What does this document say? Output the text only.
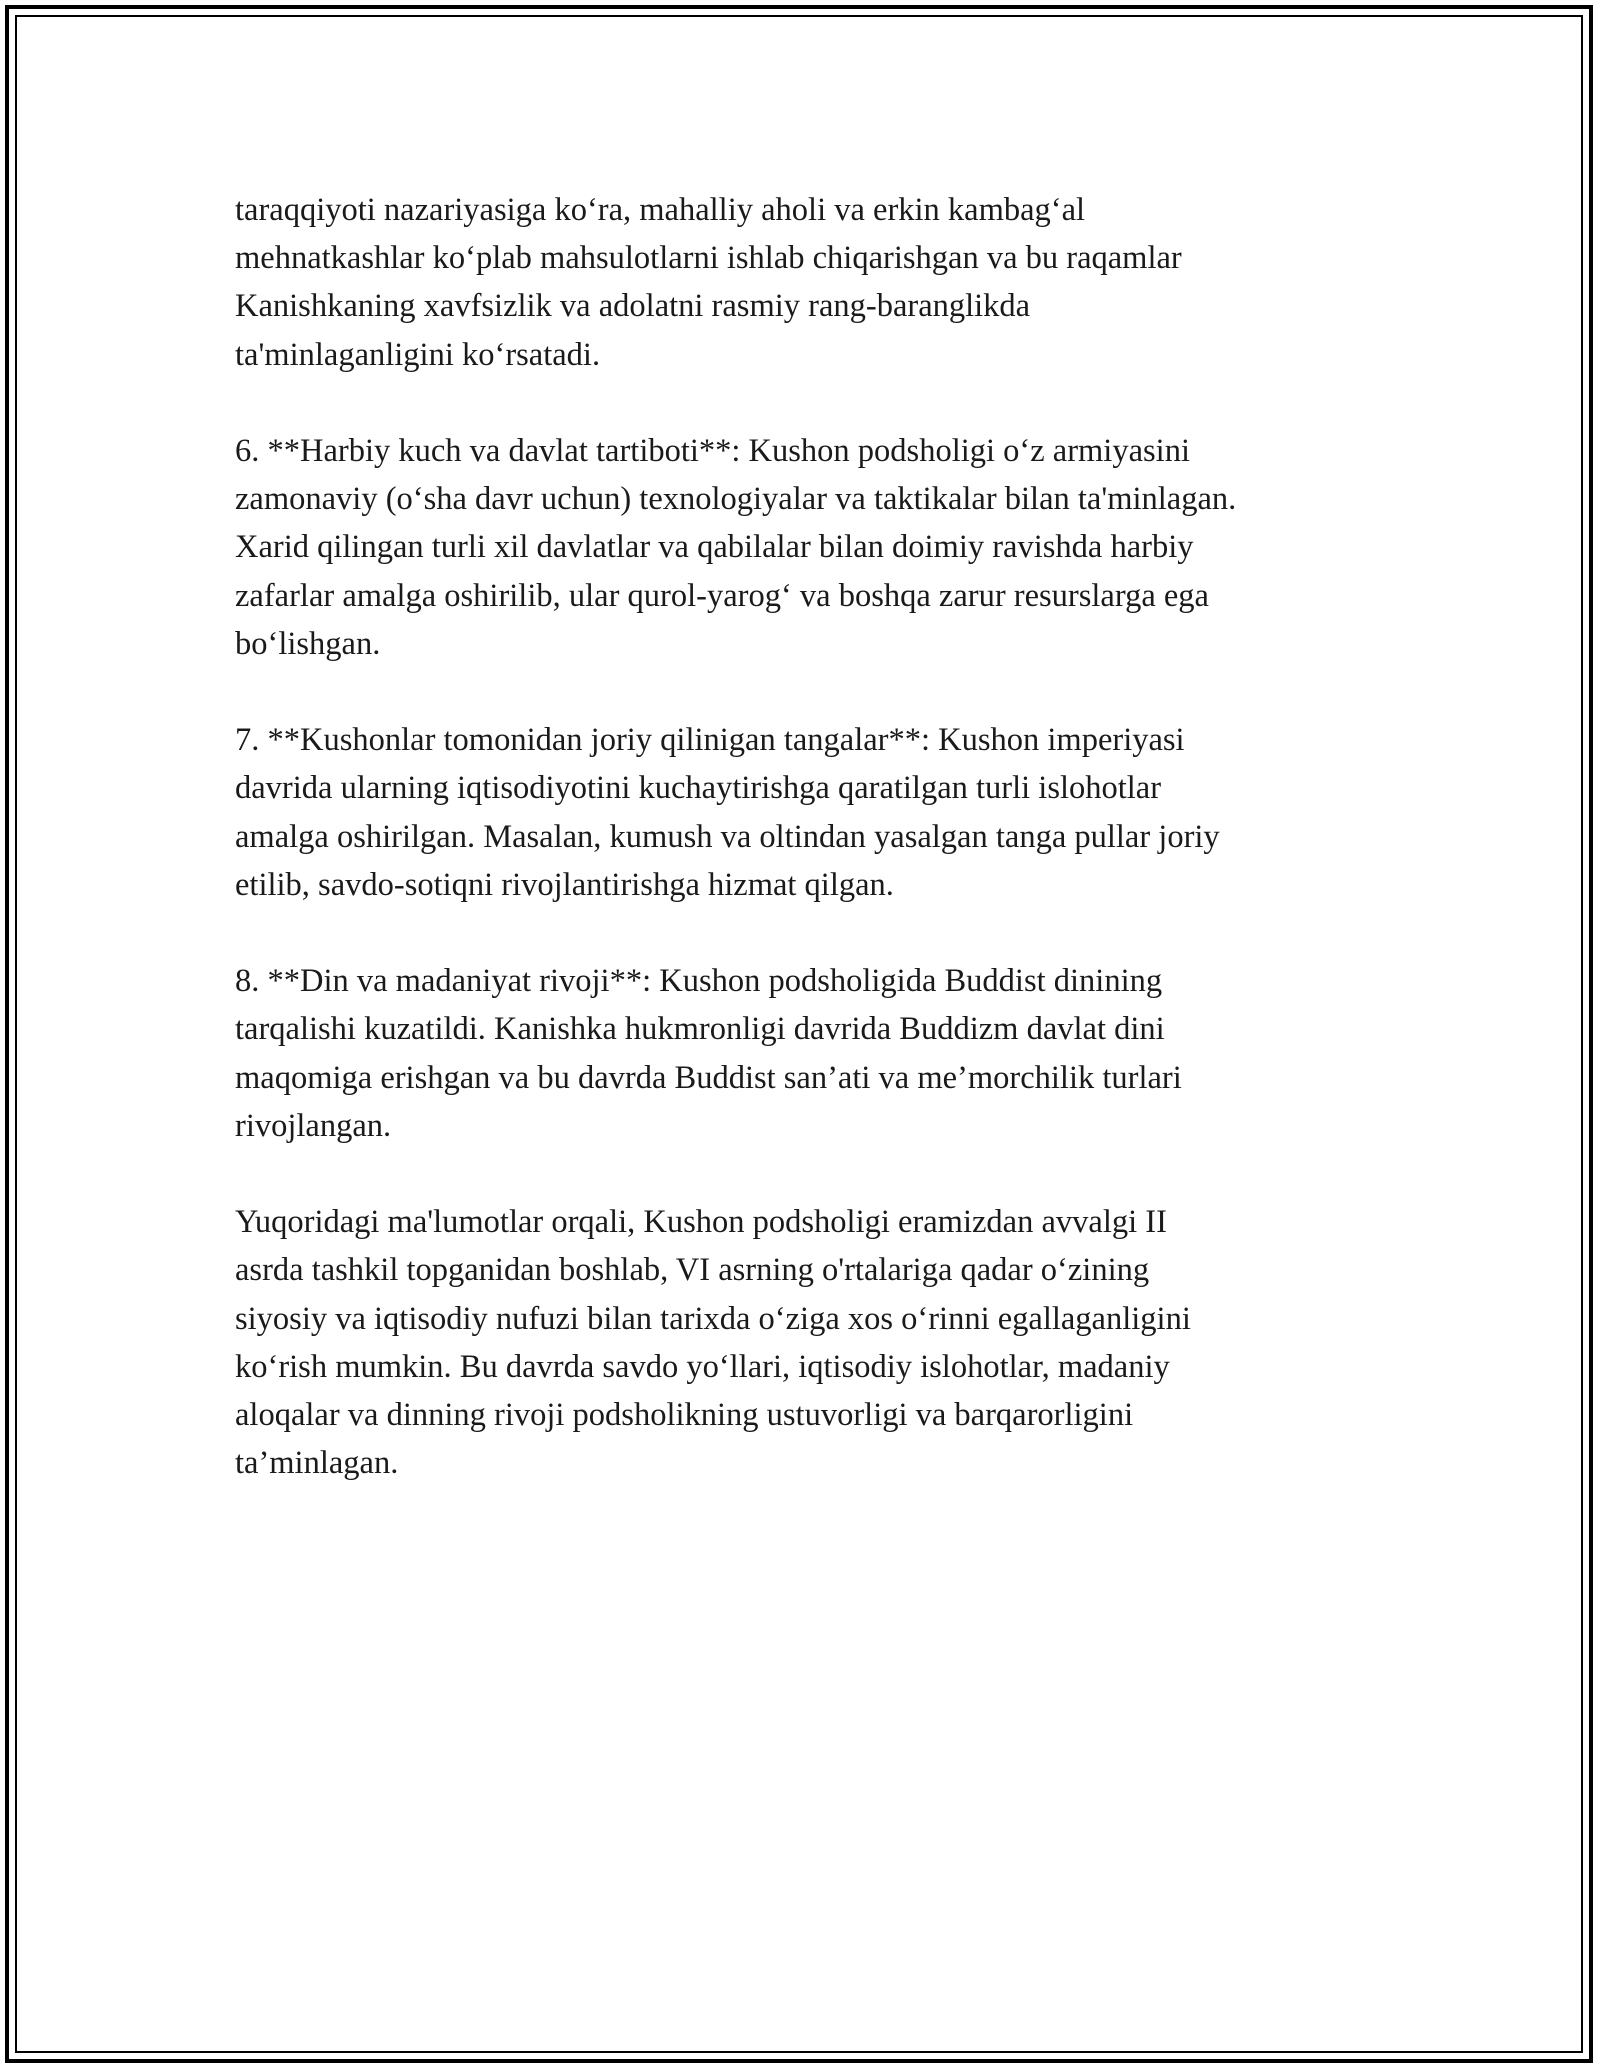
taraqqiyoti nazariyasiga ko‘ra, mahalliy aholi va erkin kambag‘al
mehnatkashlar ko‘plab mahsulotlarni ishlab chiqarishgan va bu raqamlar
Kanishkaning xavfsizlik va adolatni rasmiy rang-baranglikda
ta'minlaganligini ko‘rsatadi.

6. **Harbiy kuch va davlat tartiboti**: Kushon podsholigi o‘z armiyasini
zamonaviy (o‘sha davr uchun) texnologiyalar va taktikalar bilan ta'minlagan.
Xarid qilingan turli xil davlatlar va qabilalar bilan doimiy ravishda harbiy
zafarlar amalga oshirilib, ular qurol-yarog‘ va boshqa zarur resurslarga ega
bo‘lishgan.

7. **Kushonlar tomonidan joriy qilinigan tangalar**: Kushon imperiyasi
davrida ularning iqtisodiyotini kuchaytirishga qaratilgan turli islohotlar
amalga oshirilgan. Masalan, kumush va oltindan yasalgan tanga pullar joriy
etilib, savdo-sotiqni rivojlantirishga hizmat qilgan.

8. **Din va madaniyat rivoji**: Kushon podsholigida Buddist dinining
tarqalishi kuzatildi. Kanishka hukmronligi davrida Buddizm davlat dini
maqomiga erishgan va bu davrda Buddist san’ati va me’morchilik turlari
rivojlangan.

Yuqoridagi ma'lumotlar orqali, Kushon podsholigi eramizdan avvalgi II
asrda tashkil topganidan boshlab, VI asrning o'rtalariga qadar o‘zining
siyosiy va iqtisodiy nufuzi bilan tarixda o‘ziga xos o‘rinni egallaganligini
ko‘rish mumkin. Bu davrda savdo yo‘llari, iqtisodiy islohotlar, madaniy
aloqalar va dinning rivoji podsholikning ustuvorligi va barqarorligini
ta’minlagan.
